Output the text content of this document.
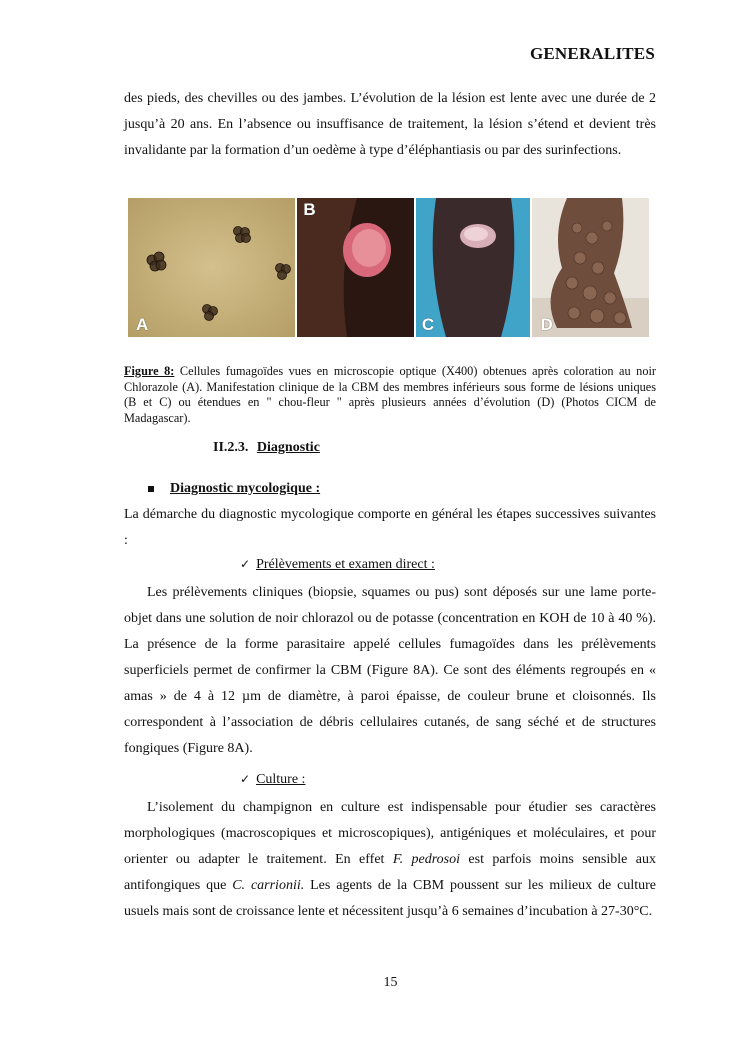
GENERALITES

des pieds, des chevilles ou des jambes. L’évolution de la lésion est lente avec une durée de 2 jusqu’à 20 ans. En l’absence ou insuffisance de traitement, la lésion s’étend et devient très invalidante par la formation d’un oedème à type d’éléphantiasis ou par des surinfections.

A
B
C	D

Figure 8: Cellules fumagoïdes vues en microscopie optique (X400) obtenues après coloration au noir Chlorazole (A). Manifestation clinique de la CBM des membres inférieurs sous forme de lésions uniques (B et C) ou étendues en " chou-fleur " après plusieurs années d’évolution (D) (Photos CICM de Madagascar).

II.2.3. Diagnostic
Diagnostic mycologique :

La démarche du diagnostic mycologique comporte en général les étapes successives suivantes :

✓ Prélèvements et examen direct :

Les prélèvements cliniques (biopsie, squames ou pus) sont déposés sur une lame porte-objet dans une solution de noir chlorazol ou de potasse (concentration en KOH de 10 à 40 %). La présence de la forme parasitaire appelé cellules fumagoïdes dans les prélèvements superficiels permet de confirmer la CBM (Figure 8A). Ce sont des éléments regroupés en « amas » de 4 à 12 µm de diamètre, à paroi épaisse, de couleur brune et cloisonnés. Ils correspondent à l’association de débris cellulaires cutanés, de sang séché et de structures fongiques (Figure 8A).

✓ Culture :

L’isolement du champignon en culture est indispensable pour étudier ses caractères morphologiques (macroscopiques et microscopiques), antigéniques et moléculaires, et pour orienter ou adapter le traitement. En effet F. pedrosoi est parfois moins sensible aux antifongiques que C. carrionii. Les agents de la CBM poussent sur les milieux de culture usuels mais sont de croissance lente et nécessitent jusqu’à 6 semaines d’incubation à 27-30°C.

15
